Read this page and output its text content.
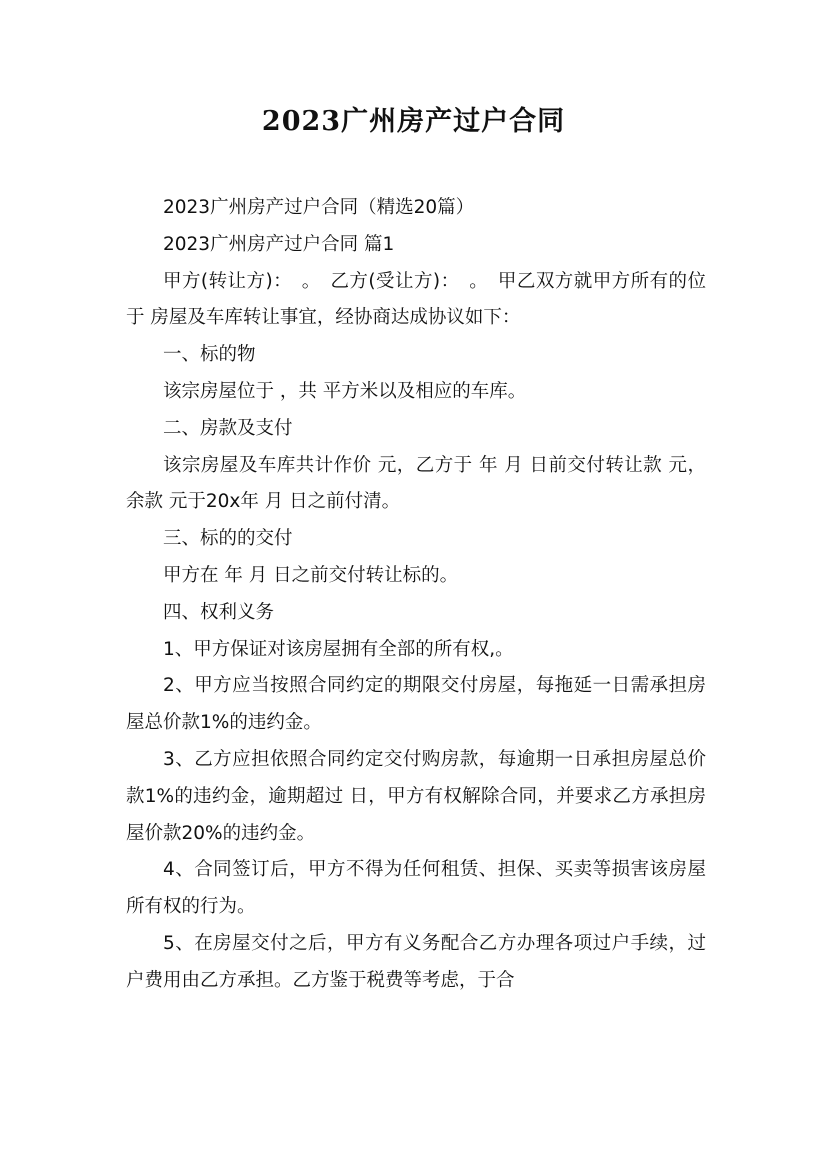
2023广州房产过户合同

2023广州房产过户合同（精选20篇）

2023广州房产过户合同 篇1

甲方(转让方)：　。　乙方(受让方)：　。　甲乙双方就甲方所有的位于 房屋及车库转让事宜，经协商达成协议如下：

一、标的物

该宗房屋位于 ，共 平方米以及相应的车库。

二、房款及支付

该宗房屋及车库共计作价 元，乙方于 年 月 日前交付转让款 元，余款 元于20x年 月 日之前付清。

三、标的的交付

甲方在 年 月 日之前交付转让标的。

四、权利义务

1、甲方保证对该房屋拥有全部的所有权,。

2、甲方应当按照合同约定的期限交付房屋，每拖延一日需承担房屋总价款1%的违约金。

3、乙方应担依照合同约定交付购房款，每逾期一日承担房屋总价款1%的违约金，逾期超过 日，甲方有权解除合同，并要求乙方承担房屋价款20%的违约金。

4、合同签订后，甲方不得为任何租赁、担保、买卖等损害该房屋所有权的行为。

5、在房屋交付之后，甲方有义务配合乙方办理各项过户手续，过户费用由乙方承担。乙方鉴于税费等考虑，于合
